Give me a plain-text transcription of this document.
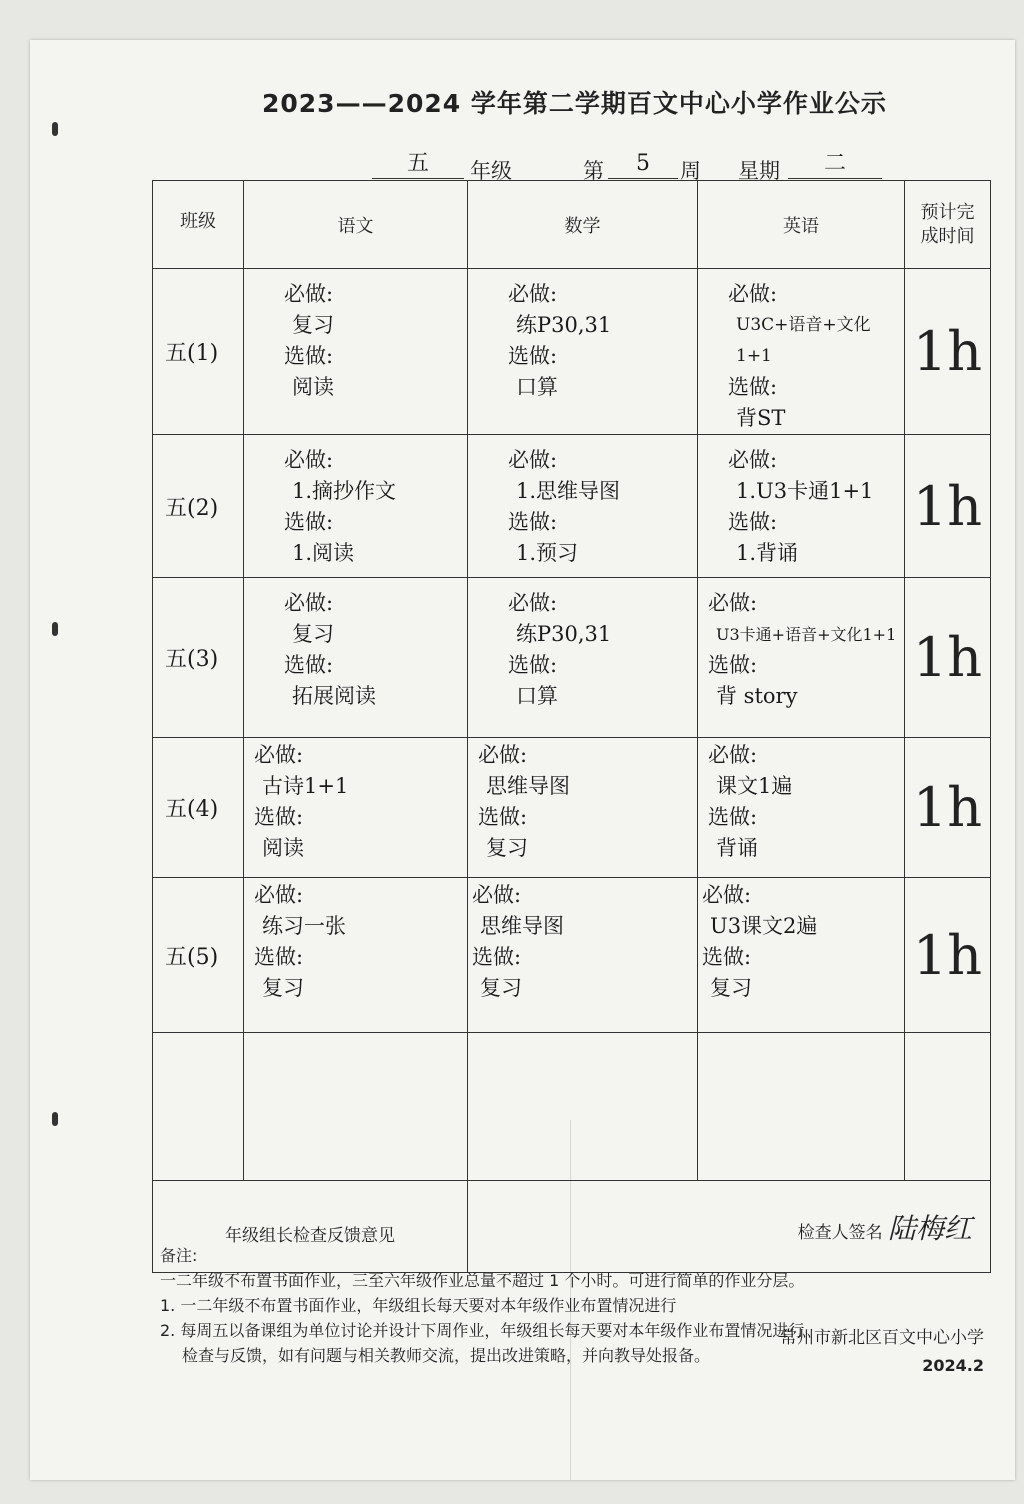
2023——2024 学年第二学期百文中心小学作业公示
五	年级	第	5	周 星期	二
班级	语文	数学	英语	预计完
成时间
五(1)	必做:
复习
选做:
阅读	必做:
练P30,31
选做:
口算	必做:
U3C+语音+文化1+1
选做:
背ST	1h
五(2)	必做:
1.摘抄作文
选做:
1.阅读	必做:
1.思维导图
选做:
1.预习	必做:
1.U3卡通1+1
选做:
1.背诵	1h
五(3)	必做:
复习
选做:
拓展阅读	必做:
练P30,31
选做:
口算	必做:
U3卡通+语音+文化1+1
选做:
背 story	1h
五(4)	必做:
古诗1+1
选做:
阅读	必做:
思维导图
选做:
复习	必做:
课文1遍
选做:
背诵	1h
五(5)	必做:
练习一张
选做:
复习	必做:
思维导图
选做:
复习	必做:
U3课文2遍
选做:
复习	1h

年级组长检查反馈意见		检查人签名 陆梅红		
备注:
一二年级不布置书面作业，三至六年级作业总量不超过 1 个小时。可进行简单的作业分层。
1. 一二年级不布置书面作业，年级组长每天要对本年级作业布置情况进行
2. 每周五以备课组为单位讨论并设计下周作业，年级组长每天要对本年级作业布置情况进行
检查与反馈，如有问题与相关教师交流，提出改进策略，并向教导处报备。
常州市新北区百文中心小学
2024.2
